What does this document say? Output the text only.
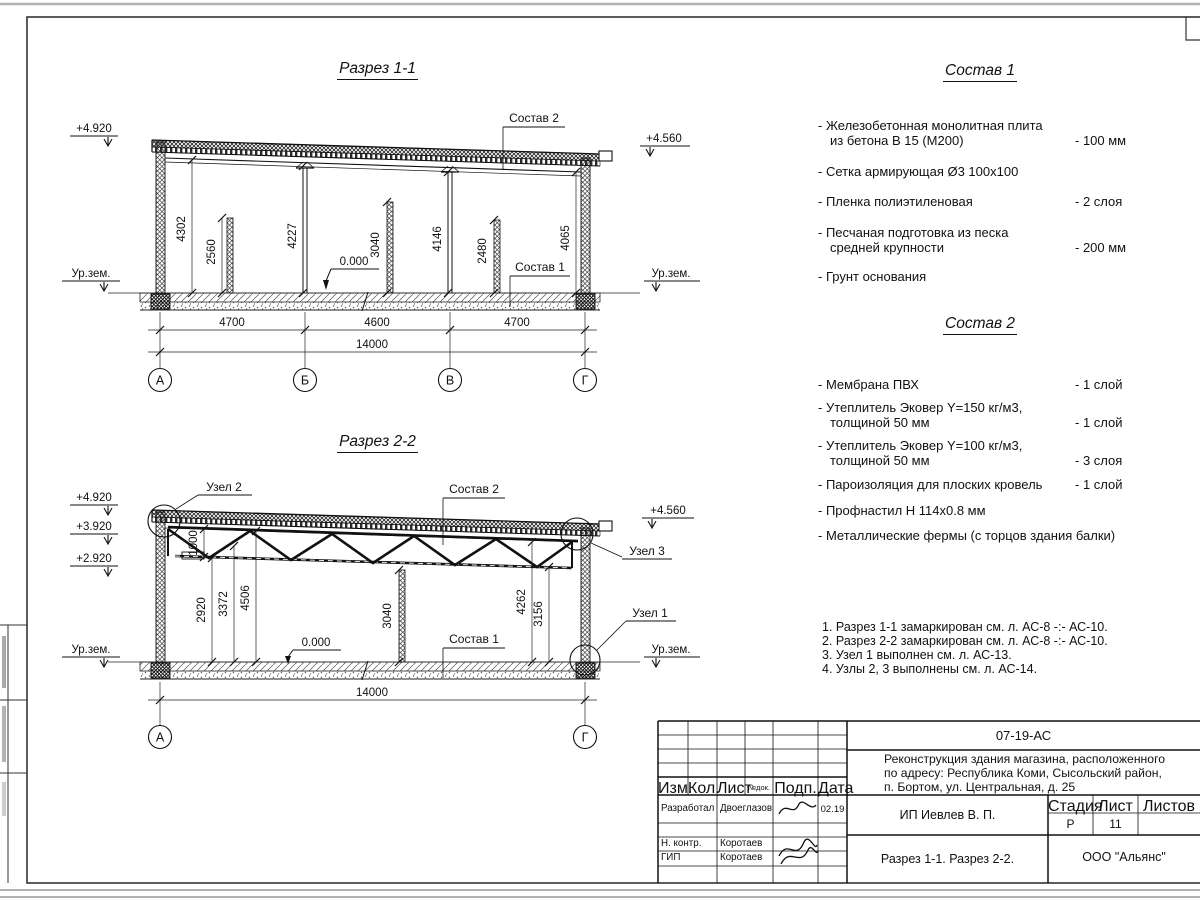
4302
2560
4227	3040	4146	2480
4065
4700	4600	4700
14000
А	Б	В	Г
+4.920
Ур.зем.
+4.560
Ур.зем.
Состав 2
Состав 1
0.000
1000
2920 3372 4506
3040
4262 3156
Узел 2
Узел 3
Узел 1
Состав 2
Состав 1
0.000
+4.920
+3.920
+2.920
Ур.зем.
+4.560
Ур.зем.
14000
А	Г
Разрез 1-1
Разрез 2-2
Состав 1
- Железобетонная монолитная плита
из бетона В 15 (М200)	- 100 мм
- Сетка армирующая Ø3 100х100
- Пленка полиэтиленовая	- 2 слоя
- Песчаная подготовка из песка
средней крупности	- 200 мм
- Грунт основания
Состав 2
- Мембрана ПВХ	- 1 слой
- Утеплитель Эковер Y=150 кг/м3,
толщиной 50 мм	- 1 слой
- Утеплитель Эковер Y=100 кг/м3,
толщиной 50 мм	- 3 слоя
- Пароизоляция для плоских кровель	- 1 слой
- Профнастил Н 114х0.8 мм
- Металлические фермы (с торцов здания балки)
1. Разрез 1-1 замаркирован см. л. АС-8 -:- АС-10.
2. Разрез 2-2 замаркирован см. л. АС-8 -:- АС-10.
3. Узел 1 выполнен см. л. АС-13.
4. Узлы 2, 3 выполнены см. л. АС-14.
07-19-АС
Реконструкция здания магазина, расположенного
по адресу: Республика Коми, Сысольский район,
п. Бортом, ул. Центральная, д. 25
Изм.
Кол.
Лист
№док. Подп. Дата
Разработал Двоеглазов	02.19
Н. контр. Коротаев
ГИП	Коротаев
ИП Иевлев В. П.	Стадия
Лист Листов
Р	11
Разрез 1-1. Разрез 2-2.	ООО "Альянс"
